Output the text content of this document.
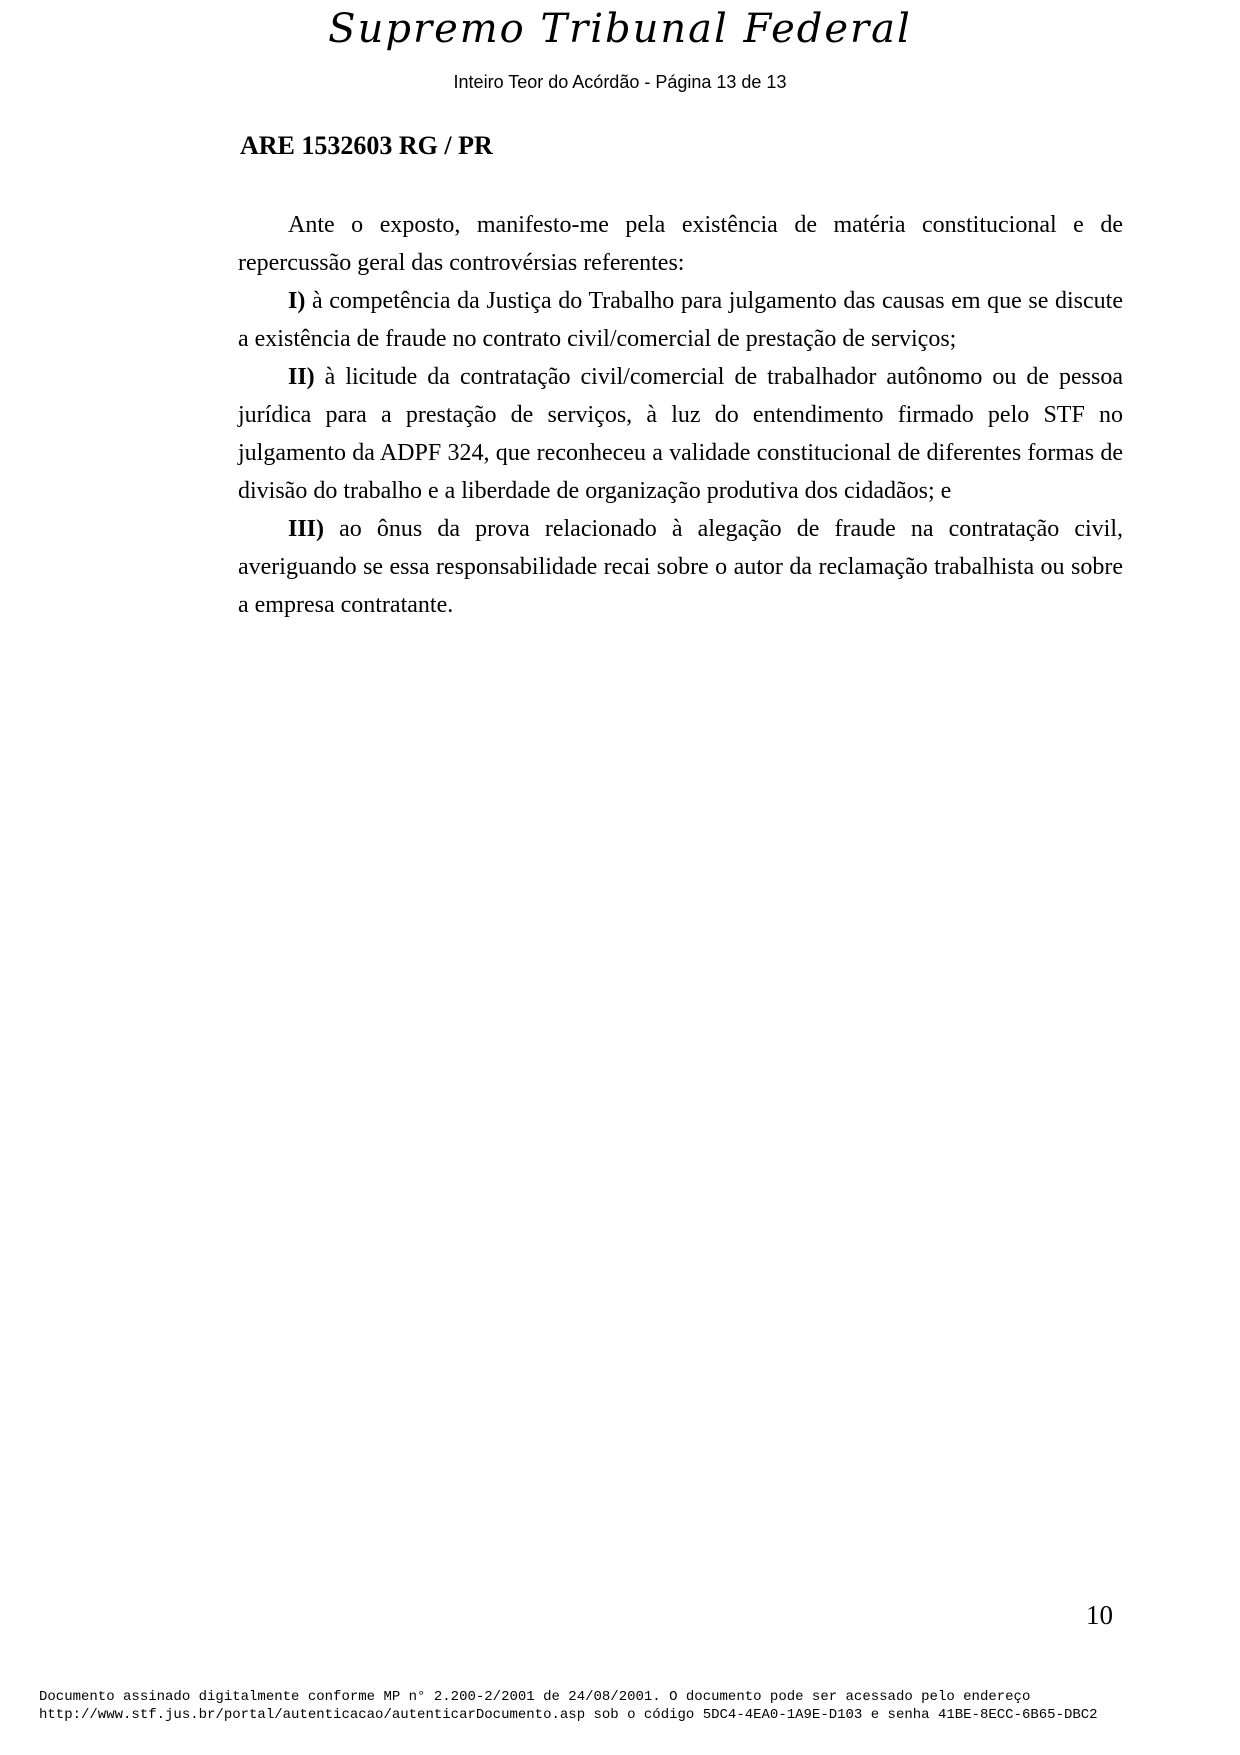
Supremo Tribunal Federal
Inteiro Teor do Acórdão - Página 13 de 13
ARE 1532603 RG / PR

Ante o exposto, manifesto-me pela existência de matéria constitucional e de repercussão geral das controvérsias referentes:

I) à competência da Justiça do Trabalho para julgamento das causas em que se discute a existência de fraude no contrato civil/comercial de prestação de serviços;

II) à licitude da contratação civil/comercial de trabalhador autônomo ou de pessoa jurídica para a prestação de serviços, à luz do entendimento firmado pelo STF no julgamento da ADPF 324, que reconheceu a validade constitucional de diferentes formas de divisão do trabalho e a liberdade de organização produtiva dos cidadãos; e

III) ao ônus da prova relacionado à alegação de fraude na contratação civil, averiguando se essa responsabilidade recai sobre o autor da reclamação trabalhista ou sobre a empresa contratante.

10
Documento assinado digitalmente conforme MP n° 2.200-2/2001 de 24/08/2001. O documento pode ser acessado pelo endereço
http://www.stf.jus.br/portal/autenticacao/autenticarDocumento.asp sob o código 5DC4-4EA0-1A9E-D103 e senha 41BE-8ECC-6B65-DBC2
